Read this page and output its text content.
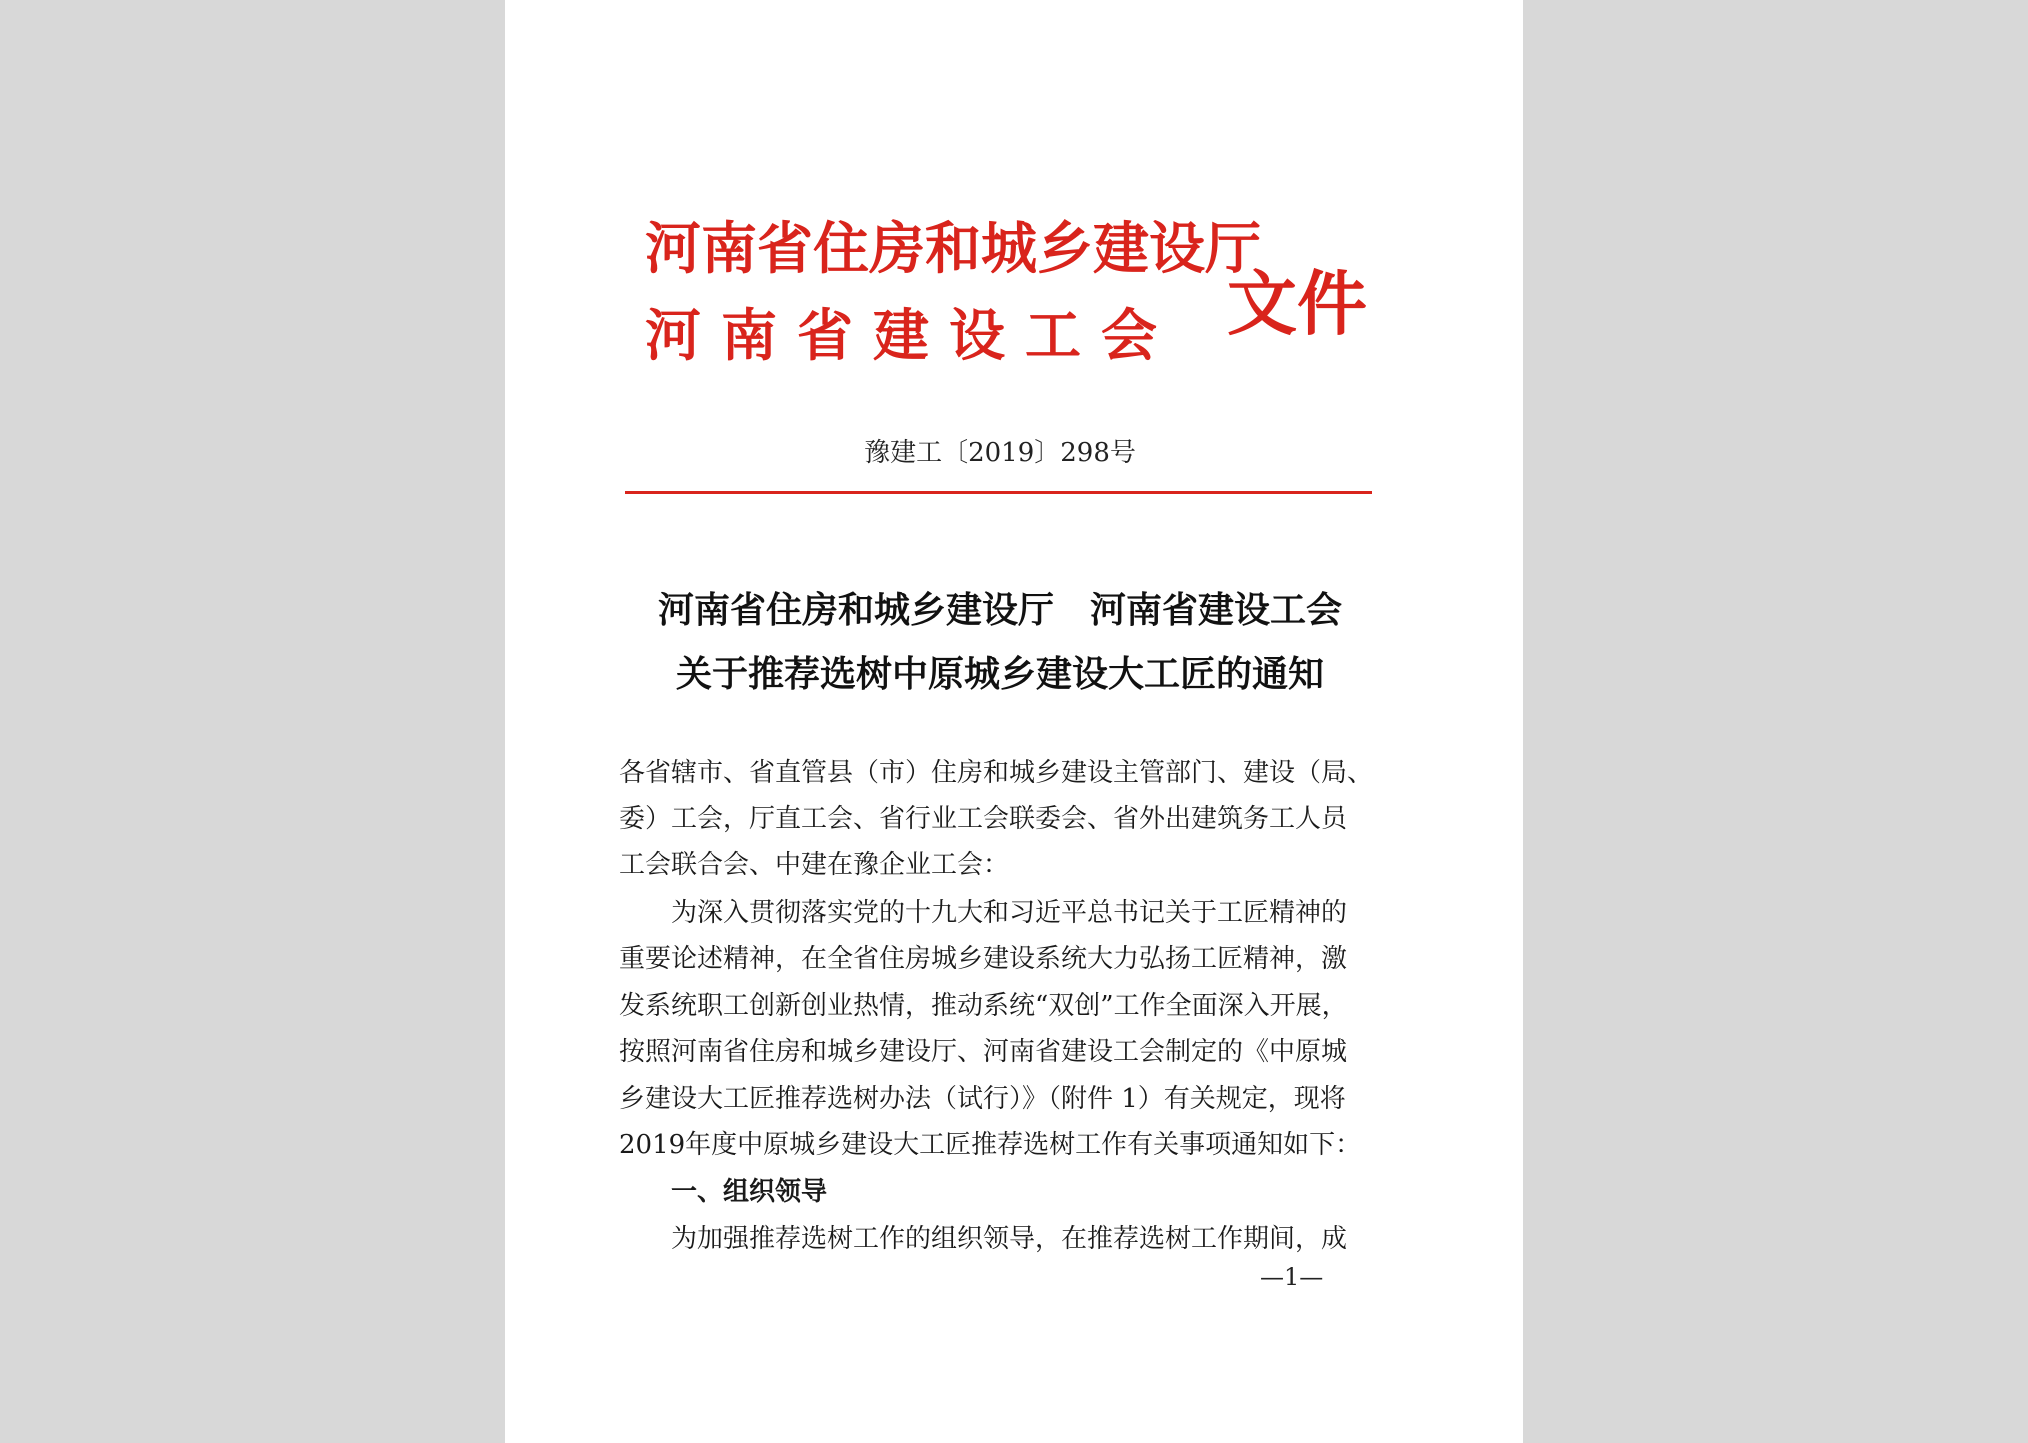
河南省住房和城乡建设厅
河南省建设工会 文件
豫建工〔2019〕298号
河南省住房和城乡建设厅　河南省建设工会
关于推荐选树中原城乡建设大工匠的通知
各省辖市、省直管县（市）住房和城乡建设主管部门、建设（局、
委）工会，厅直工会、省行业工会联委会、省外出建筑务工人员
工会联合会、中建在豫企业工会：
　　为深入贯彻落实党的十九大和习近平总书记关于工匠精神的
重要论述精神，在全省住房城乡建设系统大力弘扬工匠精神，激
发系统职工创新创业热情，推动系统“双创”工作全面深入开展，
按照河南省住房和城乡建设厅、河南省建设工会制定的《中原城
乡建设大工匠推荐选树办法（试行）》（附件 1）有关规定，现将
2019年度中原城乡建设大工匠推荐选树工作有关事项通知如下：
　　一、组织领导
　　为加强推荐选树工作的组织领导，在推荐选树工作期间，成
—1—
